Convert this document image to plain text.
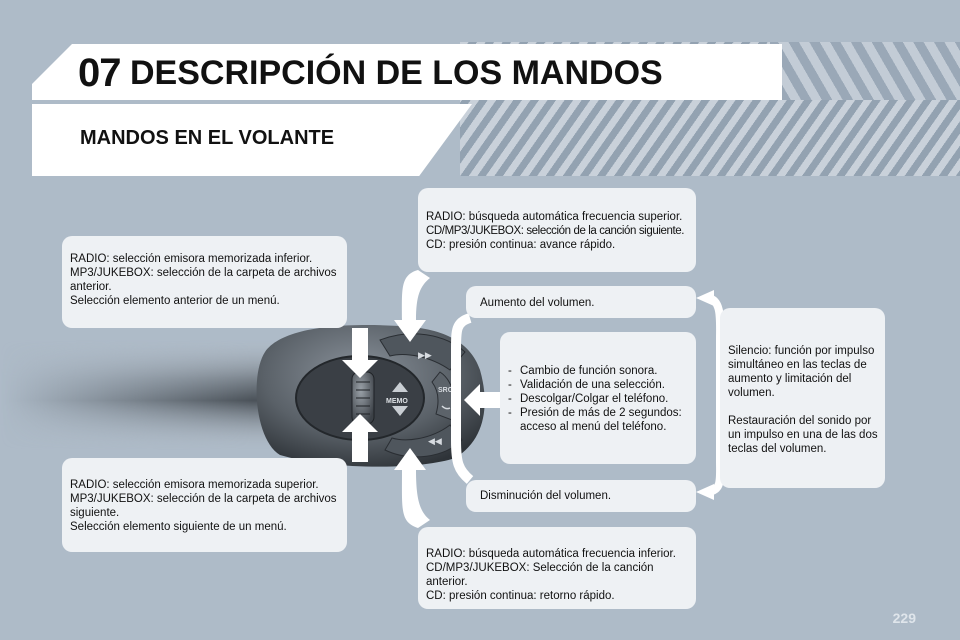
07 DESCRIPCIÓN DE LOS MANDOS
MANDOS EN EL VOLANTE
MEMO
▶▶
◀◀
SRC
RADIO: selección emisora memorizada inferior.
MP3/JUKEBOX: selección de la carpeta de archivos anterior.
Selección elemento anterior de un menú.
RADIO: selección emisora memorizada superior.
MP3/JUKEBOX: selección de la carpeta de archivos siguiente.
Selección elemento siguiente de un menú.
RADIO: búsqueda automática frecuencia superior.
CD/MP3/JUKEBOX: selección de la canción siguiente.
CD: presión continua: avance rápido.
RADIO: búsqueda automática frecuencia inferior.
CD/MP3/JUKEBOX: Selección de la canción anterior.
CD: presión continua: retorno rápido.
Aumento del volumen.
Disminución del volumen.
- Cambio de función sonora.
- Validación de una selección.
- Descolgar/Colgar el teléfono.
- Presión de más de 2 segundos: acceso al menú del teléfono.

Silencio: función por impulso simultáneo en las teclas de aumento y limitación del volumen.

Restauración del sonido por un impulso en una de las dos teclas del volumen.

229
